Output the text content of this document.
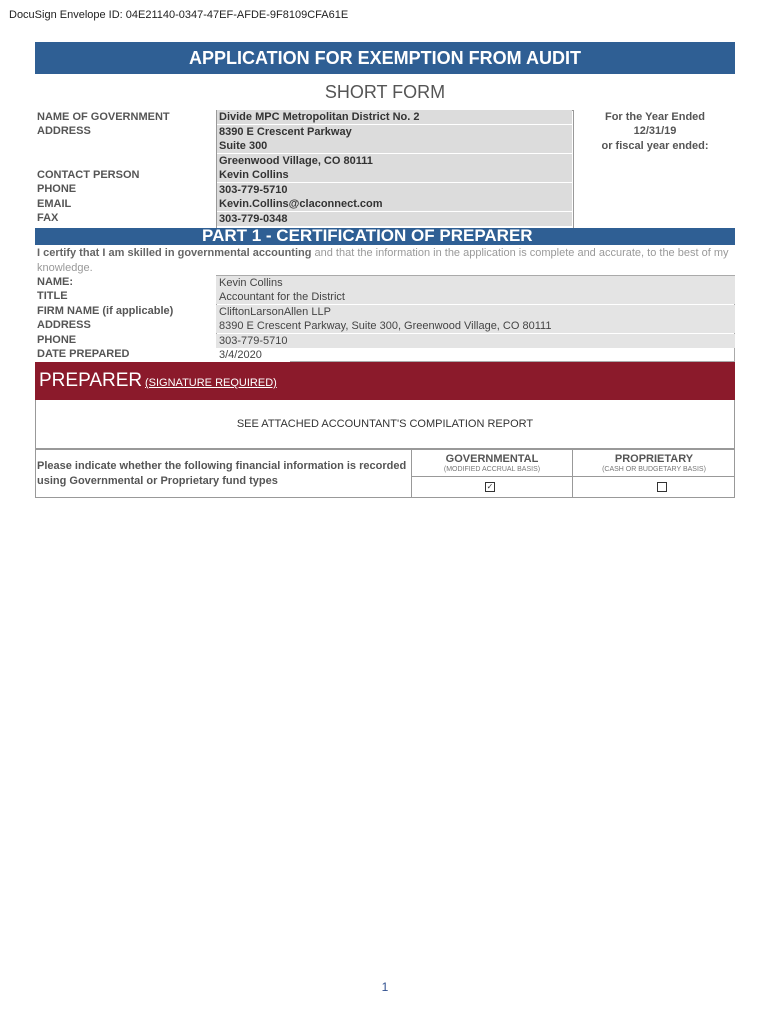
DocuSign Envelope ID: 04E21140-0347-47EF-AFDE-9F8109CFA61E
APPLICATION FOR EXEMPTION FROM AUDIT
SHORT FORM
NAME OF GOVERNMENT
ADDRESS
CONTACT PERSON
PHONE
EMAIL
FAX
Divide MPC Metropolitan District No. 2
8390 E Crescent Parkway
Suite 300
Greenwood Village, CO 80111
Kevin Collins
303-779-5710
Kevin.Collins@claconnect.com
303-779-0348
For the Year Ended
12/31/19
or fiscal year ended:
PART 1 - CERTIFICATION OF PREPARER
I certify that I am skilled in governmental accounting and that the information in the application is complete and accurate, to the best of my knowledge.
NAME:
TITLE
FIRM NAME (if applicable)
ADDRESS
PHONE
DATE PREPARED
Kevin Collins
Accountant for the District
CliftonLarsonAllen LLP
8390 E Crescent Parkway, Suite 300, Greenwood Village, CO 80111
303-779-5710
3/4/2020
PREPARER (SIGNATURE REQUIRED)
SEE ATTACHED ACCOUNTANT'S COMPILATION REPORT
Please indicate whether the following financial information is recorded using Governmental or Proprietary fund types
GOVERNMENTAL
(MODIFIED ACCRUAL BASIS)
PROPRIETARY
(CASH OR BUDGETARY BASIS)
✓
1
